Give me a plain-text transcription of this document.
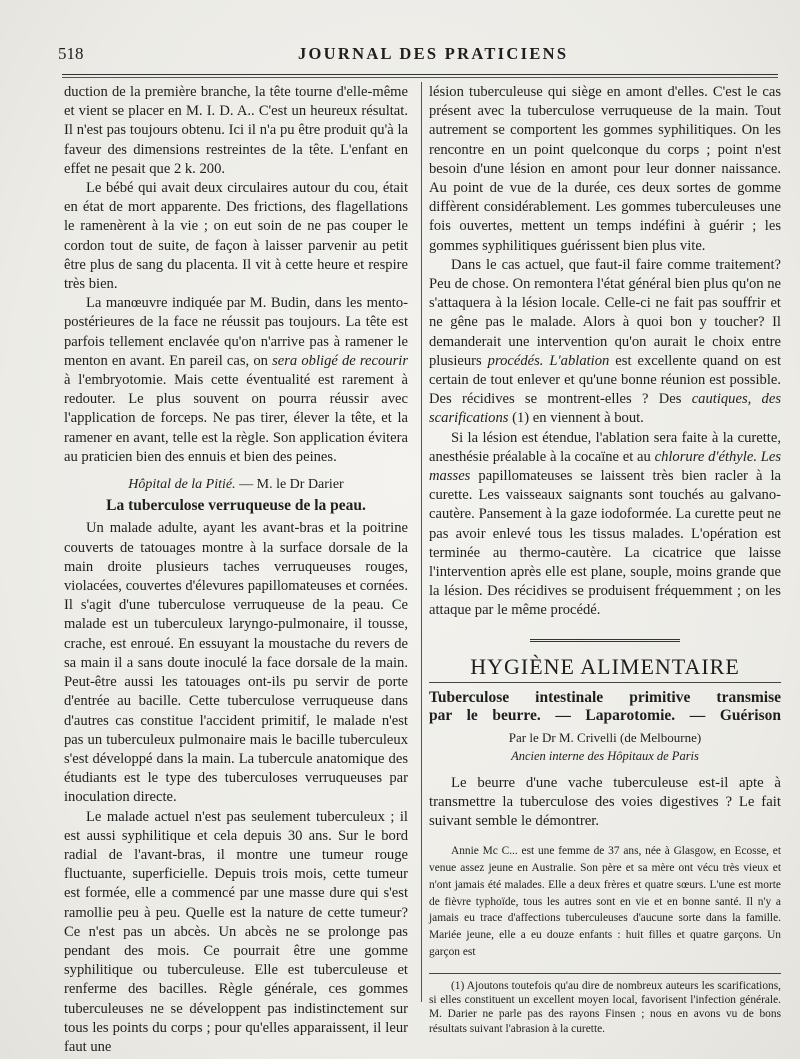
518	JOURNAL DES PRATICIENS

duction de la première branche, la tête tourne d'elle-même et vient se placer en M. I. D. A.. C'est un heureux résultat. Il n'est pas toujours obtenu. Ici il n'a pu être produit qu'à la faveur des dimensions restreintes de la tête. L'enfant en effet ne pesait que 2 k. 200.

Le bébé qui avait deux circulaires autour du cou, était en état de mort apparente. Des frictions, des flagellations le ramenèrent à la vie ; on eut soin de ne pas couper le cordon tout de suite, de façon à laisser parvenir au petit être plus de sang du placenta. Il vit à cette heure et respire très bien.

La manœuvre indiquée par M. Budin, dans les mento-postérieures de la face ne réussit pas toujours. La tête est parfois tellement enclavée qu'on n'arrive pas à ramener le menton en avant. En pareil cas, on sera obligé de recourir à l'embryotomie. Mais cette éventualité est rarement à redouter. Le plus souvent on pourra réussir avec l'application de forceps. Ne pas tirer, élever la tête, et la ramener en avant, telle est la règle. Son application évitera au praticien bien des ennuis et bien des peines.

Hôpital de la Pitié. — M. le Dr Darier
La tuberculose verruqueuse de la peau.

Un malade adulte, ayant les avant-bras et la poitrine couverts de tatouages montre à la surface dorsale de la main droite plusieurs taches verruqueuses rouges, violacées, couvertes d'élevures papillomateuses et cornées. Il s'agit d'une tuberculose verruqueuse de la peau. Ce malade est un tuberculeux laryngo-pulmonaire, il tousse, crache, est enroué. En essuyant la moustache du revers de sa main il a sans doute inoculé la face dorsale de la main. Peut-être aussi les tatouages ont-ils pu servir de porte d'entrée au bacille. Cette tuberculose verruqueuse dans d'autres cas constitue l'accident primitif, le malade n'est pas un tuberculeux pulmonaire mais le bacille tuberculeux s'est développé dans la main. La tubercule anatomique des étudiants est le type des tuberculoses verruqueuses par inoculation directe.

Le malade actuel n'est pas seulement tuberculeux ; il est aussi syphilitique et cela depuis 30 ans. Sur le bord radial de l'avant-bras, il montre une tumeur rouge fluctuante, superficielle. Depuis trois mois, cette tumeur est formée, elle a commencé par une masse dure qui s'est ramollie peu à peu. Quelle est la nature de cette tumeur? Ce n'est pas un abcès. Un abcès ne se prolonge pas pendant des mois. Ce pourrait être une gomme syphilitique ou tuberculeuse. Elle est tuberculeuse et renferme des bacilles. Règle générale, ces gommes tuberculeuses ne se développent pas indistinctement sur tous les points du corps ; pour qu'elles apparaissent, il leur faut une

lésion tuberculeuse qui siège en amont d'elles. C'est le cas présent avec la tuberculose verruqueuse de la main. Tout autrement se comportent les gommes syphilitiques. On les rencontre en un point quelconque du corps ; point n'est besoin d'une lésion en amont pour leur donner naissance. Au point de vue de la durée, ces deux sortes de gomme diffèrent considérablement. Les gommes tuberculeuses une fois ouvertes, mettent un temps indéfini à guérir ; les gommes syphilitiques guérissent bien plus vite.

Dans le cas actuel, que faut-il faire comme traitement? Peu de chose. On remontera l'état général bien plus qu'on ne s'attaquera à la lésion locale. Celle-ci ne fait pas souffrir et ne gêne pas le malade. Alors à quoi bon y toucher? Il demanderait une intervention qu'on aurait le choix entre plusieurs procédés. L'ablation est excellente quand on est certain de tout enlever et qu'une bonne réunion est possible. Des récidives se montrent-elles ? Des cautiques, des scarifications (1) en viennent à bout.

Si la lésion est étendue, l'ablation sera faite à la curette, anesthésie préalable à la cocaïne et au chlorure d'éthyle. Les masses papillomateuses se laissent très bien racler à la curette. Les vaisseaux saignants sont touchés au galvano-cautère. Pansement à la gaze iodoformée. La curette peut ne pas avoir enlevé tous les tissus malades. L'opération est terminée au thermo-cautère. La cicatrice que laisse l'intervention après elle est plane, souple, moins grande que la lésion. Des récidives se produisent fréquemment ; on les attaque par le même procédé.

HYGIÈNE ALIMENTAIRE
Tuberculose intestinale primitive transmise
par le beurre. — Laparotomie. — Guérison
Par le Dr M. Crivelli (de Melbourne)
Ancien interne des Hôpitaux de Paris

Le beurre d'une vache tuberculeuse est-il apte à transmettre la tuberculose des voies digestives ? Le fait suivant semble le démontrer.

Annie Mc C... est une femme de 37 ans, née à Glasgow, en Ecosse, et venue assez jeune en Australie. Son père et sa mère ont vécu très vieux et n'ont jamais été malades. Elle a deux frères et quatre sœurs. L'une est morte de fièvre typhoïde, tous les autres sont en vie et en bonne santé. Il n'y a jamais eu trace d'affections tuberculeuses d'aucune sorte dans la famille. Mariée jeune, elle a eu douze enfants : huit filles et quatre garçons. Un garçon est

(1) Ajoutons toutefois qu'au dire de nombreux auteurs les scarifications, si elles constituent un excellent moyen local, favorisent l'infection générale. M. Darier ne parle pas des rayons Finsen ; nous en avons vu de bons résultats suivant l'abrasion à la curette.
